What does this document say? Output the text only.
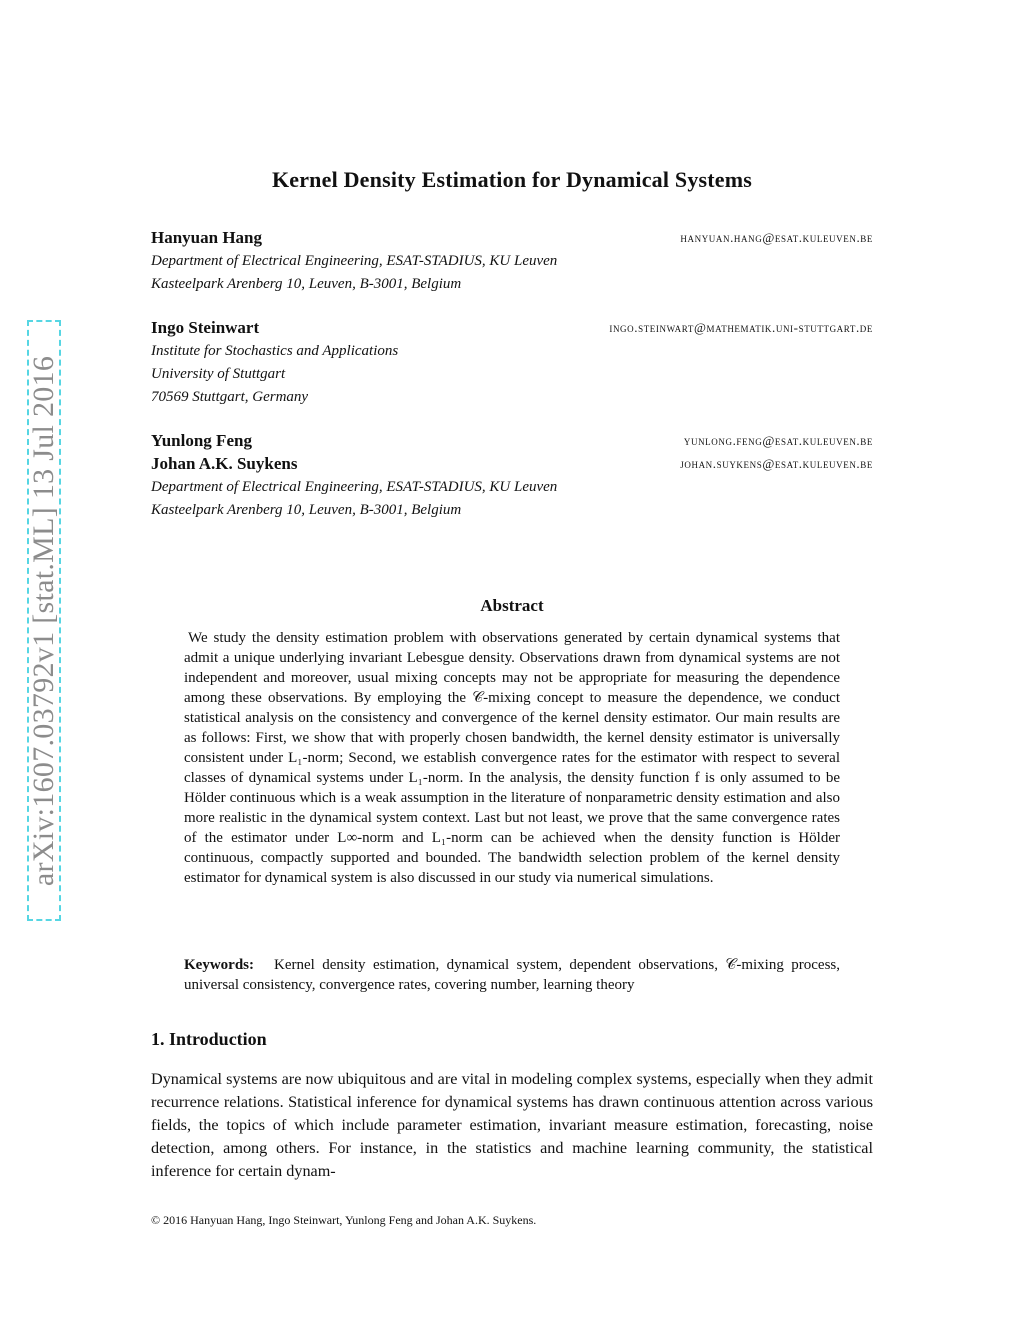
arXiv:1607.03792v1 [stat.ML] 13 Jul 2016
Kernel Density Estimation for Dynamical Systems
Hanyuan Hang	hanyuan.hang@esat.kuleuven.be
Department of Electrical Engineering, ESAT-STADIUS, KU Leuven
Kasteelpark Arenberg 10, Leuven, B-3001, Belgium
Ingo Steinwart	ingo.steinwart@mathematik.uni-stuttgart.de
Institute for Stochastics and Applications
University of Stuttgart
70569 Stuttgart, Germany
Yunlong Feng	yunlong.feng@esat.kuleuven.be
Johan A.K. Suykens	johan.suykens@esat.kuleuven.be
Department of Electrical Engineering, ESAT-STADIUS, KU Leuven
Kasteelpark Arenberg 10, Leuven, B-3001, Belgium
Abstract
We study the density estimation problem with observations generated by certain dynamical systems that admit a unique underlying invariant Lebesgue density. Observations drawn from dynamical systems are not independent and moreover, usual mixing concepts may not be appropriate for measuring the dependence among these observations. By employing the 𝒞-mixing concept to measure the dependence, we conduct statistical analysis on the consistency and convergence of the kernel density estimator. Our main results are as follows: First, we show that with properly chosen bandwidth, the kernel density estimator is universally consistent under L₁-norm; Second, we establish convergence rates for the estimator with respect to several classes of dynamical systems under L₁-norm. In the analysis, the density function f is only assumed to be Hölder continuous which is a weak assumption in the literature of nonparametric density estimation and also more realistic in the dynamical system context. Last but not least, we prove that the same convergence rates of the estimator under L∞-norm and L₁-norm can be achieved when the density function is Hölder continuous, compactly supported and bounded. The bandwidth selection problem of the kernel density estimator for dynamical system is also discussed in our study via numerical simulations.
Keywords: Kernel density estimation, dynamical system, dependent observations, 𝒞-mixing process, universal consistency, convergence rates, covering number, learning theory
1. Introduction
Dynamical systems are now ubiquitous and are vital in modeling complex systems, especially when they admit recurrence relations. Statistical inference for dynamical systems has drawn continuous attention across various fields, the topics of which include parameter estimation, invariant measure estimation, forecasting, noise detection, among others. For instance, in the statistics and machine learning community, the statistical inference for certain dynam-
© 2016 Hanyuan Hang, Ingo Steinwart, Yunlong Feng and Johan A.K. Suykens.
